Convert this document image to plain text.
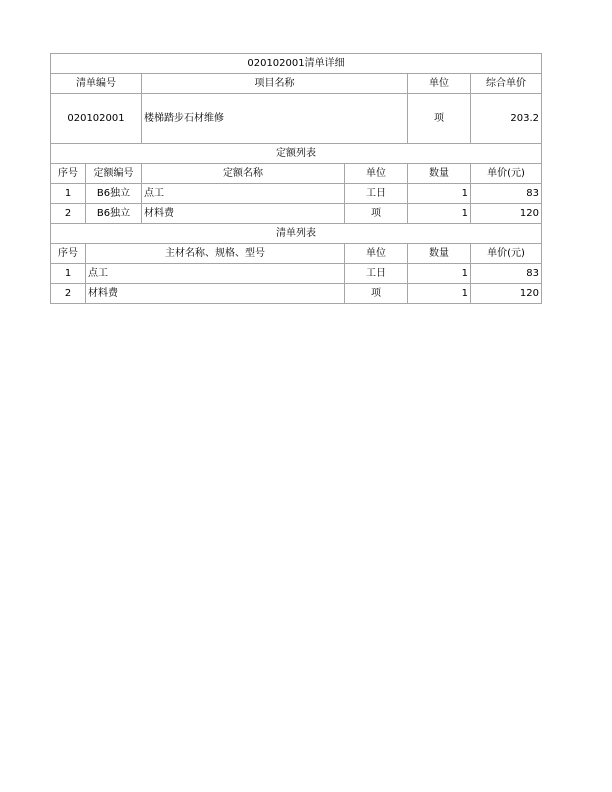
020102001清单详细						
清单编号		项目名称		单位	综合单价	
020102001		楼梯踏步石材维修		项	203.2	
定额列表						
序号	定额编号	定额名称	单位	数量	单价(元)	
1	B6独立	点工	工日	1	83	
2	B6独立	材料费	项	1	120	
清单列表						
序号	主材名称、规格、型号		单位	数量	单价(元)	
1	点工		工日	1	83	
2	材料费		项	1	120	
